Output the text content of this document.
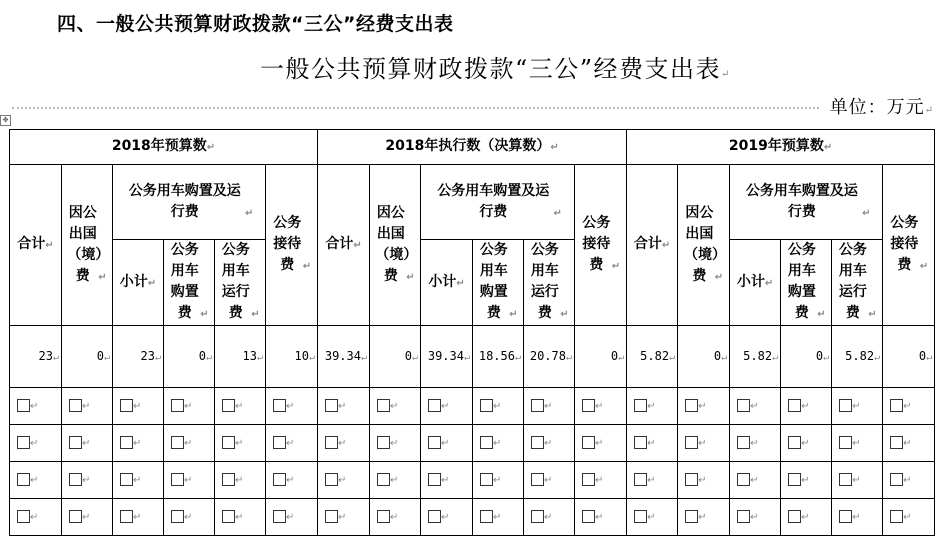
四、一般公共预算财政拨款“三公”经费支出表
一般公共预算财政拨款“三公”经费支出表↵
单位：万元↵
✥
2018年预算数↵						2018年执行数（决算数）↵						2019年预算数↵					
合计↵	因公出国（境）费 ↵	公务用车购置及运行费 ↵			公务接待费 ↵	合计↵	因公出国（境）费 ↵	公务用车购置及运行费 ↵			公务接待费 ↵	合计↵	因公出国（境）费 ↵	公务用车购置及运行费 ↵			公务接待费 ↵
		小计↵	公务用车购置费 ↵	公务用车运行费 ↵				小计↵	公务用车购置费 ↵	公务用车运行费 ↵				小计↵	公务用车购置费 ↵	公务用车运行费 ↵	
23↵	0↵	23↵	0↵	13↵	10↵	39.34↵	0↵	39.34↵	18.56↵	20.78↵	0↵	5.82↵	0↵	5.82↵	0↵	5.82↵	0↵
↵	↵	↵	↵	↵	↵	↵	↵	↵	↵	↵	↵	↵	↵	↵	↵	↵	↵
↵	↵	↵	↵	↵	↵	↵	↵	↵	↵	↵	↵	↵	↵	↵	↵	↵	↵
↵	↵	↵	↵	↵	↵	↵	↵	↵	↵	↵	↵	↵	↵	↵	↵	↵	↵
↵	↵	↵	↵	↵	↵	↵	↵	↵	↵	↵	↵	↵	↵	↵	↵	↵	↵
